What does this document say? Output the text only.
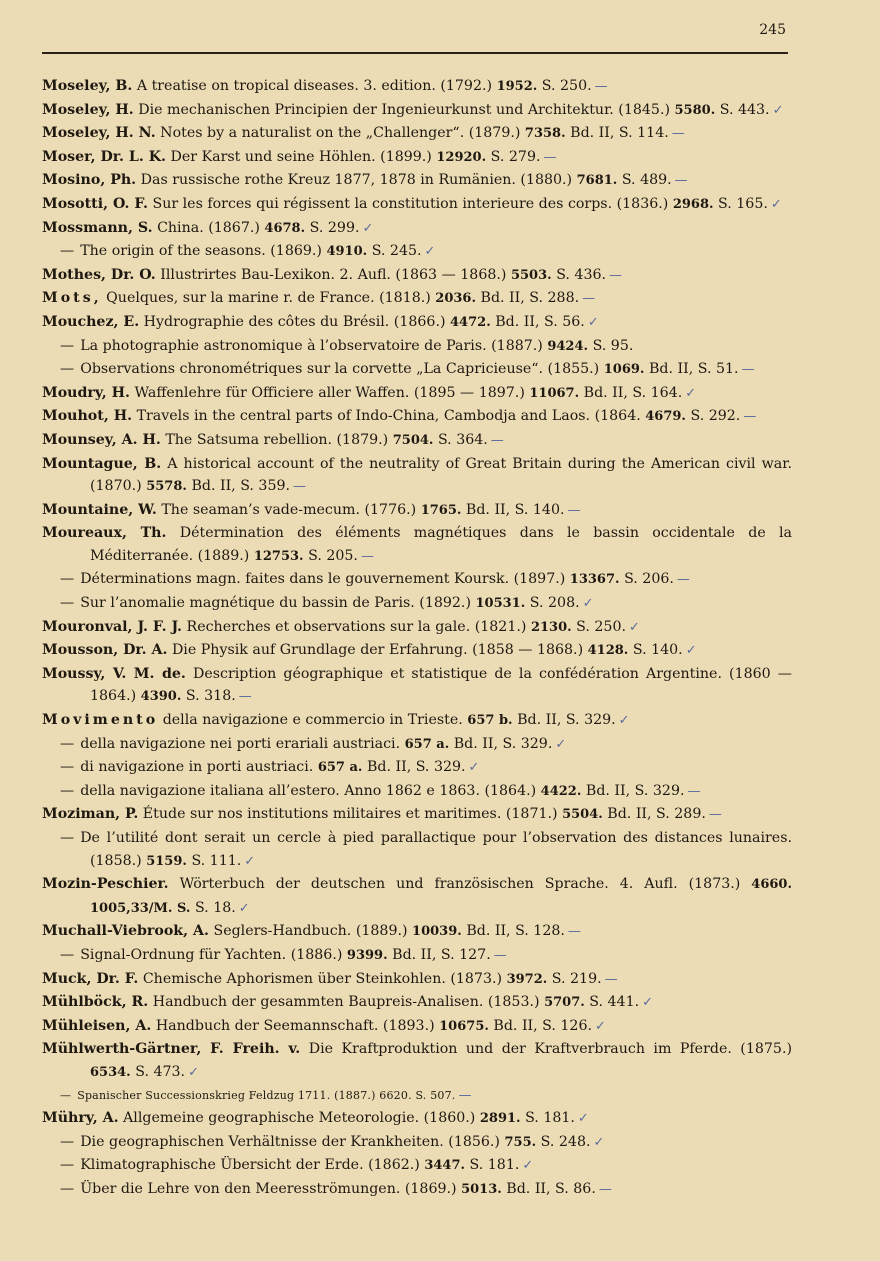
245
Moseley, B. A treatise on tropical diseases. 3. edition. (1792.) 1952. S. 250. —
Moseley, H. Die mechanischen Principien der Ingenieurkunst und Architektur. (1845.) 5580. S. 443. ✓
Moseley, H. N. Notes by a naturalist on the „Challenger“. (1879.) 7358. Bd. II, S. 114. —
Moser, Dr. L. K. Der Karst und seine Höhlen. (1899.) 12920. S. 279. —
Mosino, Ph. Das russische rothe Kreuz 1877, 1878 in Rumänien. (1880.) 7681. S. 489. —
Mosotti, O. F. Sur les forces qui régissent la constitution interieure des corps. (1836.) 2968. S. 165. ✓
Mossmann, S. China. (1867.) 4678. S. 299. ✓
— The origin of the seasons. (1869.) 4910. S. 245. ✓
Mothes, Dr. O. Illustrirtes Bau-Lexikon. 2. Aufl. (1863 — 1868.) 5503. S. 436. —
Mots, Quelques, sur la marine r. de France. (1818.) 2036. Bd. II, S. 288. —
Mouchez, E. Hydrographie des côtes du Brésil. (1866.) 4472. Bd. II, S. 56. ✓
— La photographie astronomique à l’observatoire de Paris. (1887.) 9424. S. 95.
— Observations chronométriques sur la corvette „La Capricieuse“. (1855.) 1069. Bd. II, S. 51. —
Moudry, H. Waffenlehre für Officiere aller Waffen. (1895 — 1897.) 11067. Bd. II, S. 164. ✓
Mouhot, H. Travels in the central parts of Indo-China, Cambodja and Laos. (1864. 4679. S. 292. —
Mounsey, A. H. The Satsuma rebellion. (1879.) 7504. S. 364. —
Mountague, B. A historical account of the neutrality of Great Britain during the American civil war. (1870.) 5578. Bd. II, S. 359. —
Mountaine, W. The seaman’s vade-mecum. (1776.) 1765. Bd. II, S. 140. —
Moureaux, Th. Détermination des éléments magnétiques dans le bassin occidentale de la Méditerranée. (1889.) 12753. S. 205. —
— Déterminations magn. faites dans le gouvernement Koursk. (1897.) 13367. S. 206. —
— Sur l’anomalie magnétique du bassin de Paris. (1892.) 10531. S. 208. ✓
Mouronval, J. F. J. Recherches et observations sur la gale. (1821.) 2130. S. 250. ✓
Mousson, Dr. A. Die Physik auf Grundlage der Erfahrung. (1858 — 1868.) 4128. S. 140. ✓
Moussy, V. M. de. Description géographique et statistique de la confédération Argentine. (1860 — 1864.) 4390. S. 318. —
Movimento della navigazione e commercio in Trieste. 657 b. Bd. II, S. 329. ✓
— della navigazione nei porti erariali austriaci. 657 a. Bd. II, S. 329. ✓
— di navigazione in porti austriaci. 657 a. Bd. II, S. 329. ✓
— della navigazione italiana all’estero. Anno 1862 e 1863. (1864.) 4422. Bd. II, S. 329. —
Moziman, P. Étude sur nos institutions militaires et maritimes. (1871.) 5504. Bd. II, S. 289. —
— De l’utilité dont serait un cercle à pied parallactique pour l’observation des distances lunaires. (1858.) 5159. S. 111. ✓
Mozin-Peschier. Wörterbuch der deutschen und französischen Sprache. 4. Aufl. (1873.) 4660. 1005,33/M. S. S. 18. ✓
Muchall-Viebrook, A. Seglers-Handbuch. (1889.) 10039. Bd. II, S. 128. —
— Signal-Ordnung für Yachten. (1886.) 9399. Bd. II, S. 127. —
Muck, Dr. F. Chemische Aphorismen über Steinkohlen. (1873.) 3972. S. 219. —
Mühlböck, R. Handbuch der gesammten Baupreis-Analisen. (1853.) 5707. S. 441. ✓
Mühleisen, A. Handbuch der Seemannschaft. (1893.) 10675. Bd. II, S. 126. ✓
Mühlwerth-Gärtner, F. Freih. v. Die Kraftproduktion und der Kraftverbrauch im Pferde. (1875.) 6534. S. 473. ✓
— Spanischer Successionskrieg Feldzug 1711. (1887.) 6620. S. 507. —
Mühry, A. Allgemeine geographische Meteorologie. (1860.) 2891. S. 181. ✓
— Die geographischen Verhältnisse der Krankheiten. (1856.) 755. S. 248. ✓
— Klimatographische Übersicht der Erde. (1862.) 3447. S. 181. ✓
— Über die Lehre von den Meeresströmungen. (1869.) 5013. Bd. II, S. 86. —
